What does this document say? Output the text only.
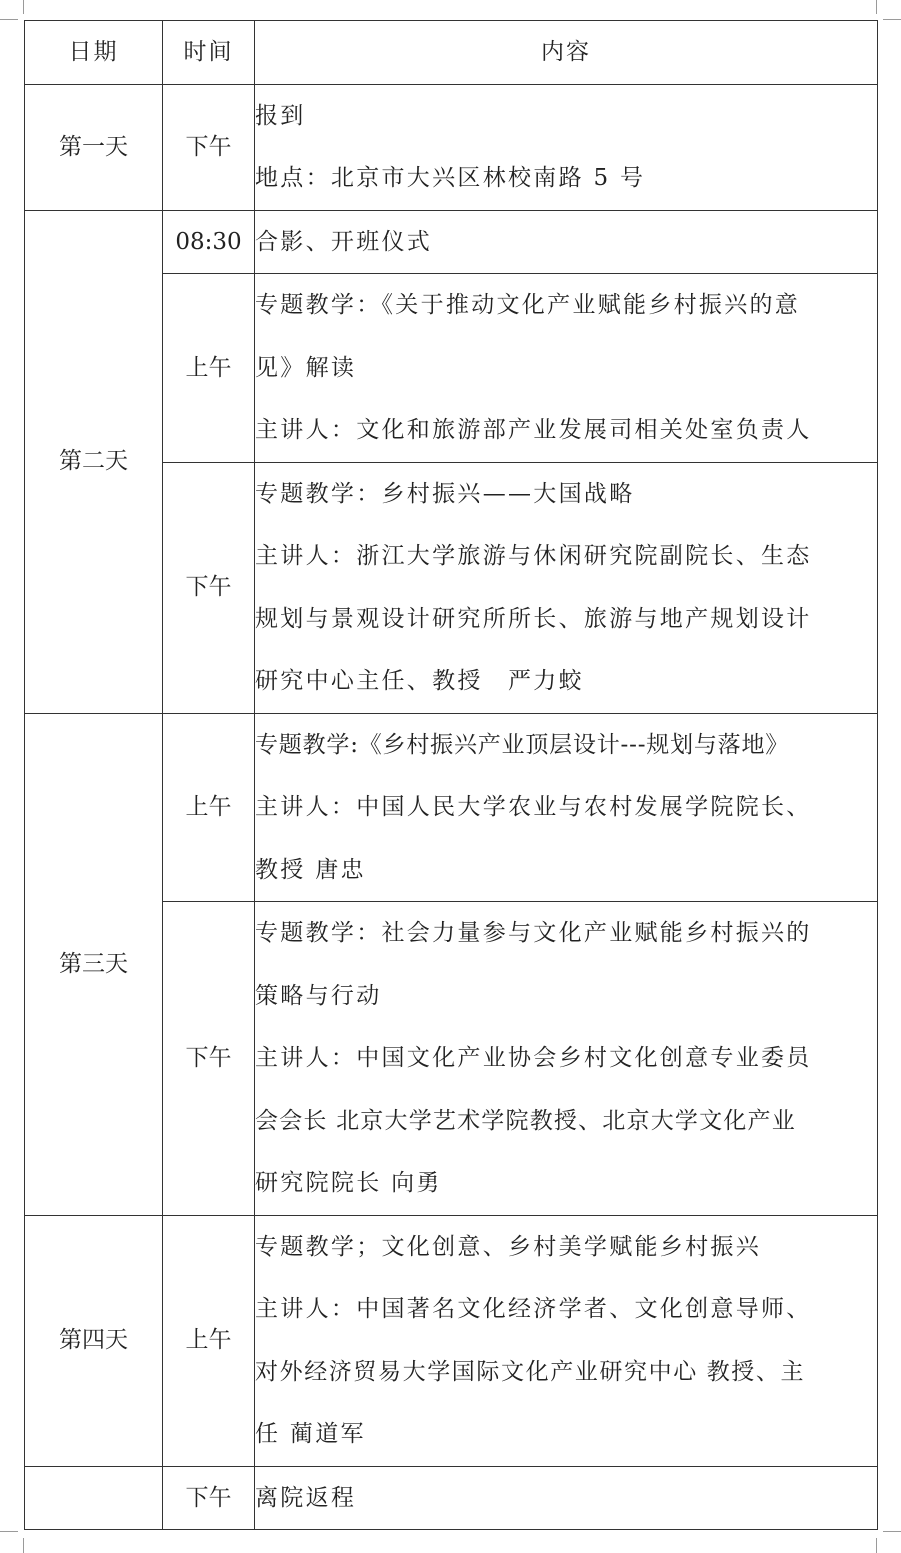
日期	时间	内容
第一天	下午	报到
地点：北京市大兴区林校南路 5 号

第二天	08:30	合影、开班仪式

	上午	专题教学：《关于推动文化产业赋能乡村振兴的意
见》解读
主讲人：文化和旅游部产业发展司相关处室负责人

	下午	专题教学：乡村振兴——大国战略
主讲人：浙江大学旅游与休闲研究院副院长、生态
规划与景观设计研究所所长、旅游与地产规划设计
研究中心主任、教授　严力蛟

第三天	上午	专题教学:《乡村振兴产业顶层设计---规划与落地》
主讲人：中国人民大学农业与农村发展学院院长、
教授 唐忠

	下午	专题教学：社会力量参与文化产业赋能乡村振兴的
策略与行动
主讲人：中国文化产业协会乡村文化创意专业委员
会会长 北京大学艺术学院教授、北京大学文化产业
研究院院长 向勇

第四天	上午	专题教学；文化创意、乡村美学赋能乡村振兴
主讲人：中国著名文化经济学者、文化创意导师、
对外经济贸易大学国际文化产业研究中心 教授、主
任 蔺道军

	下午	离院返程
